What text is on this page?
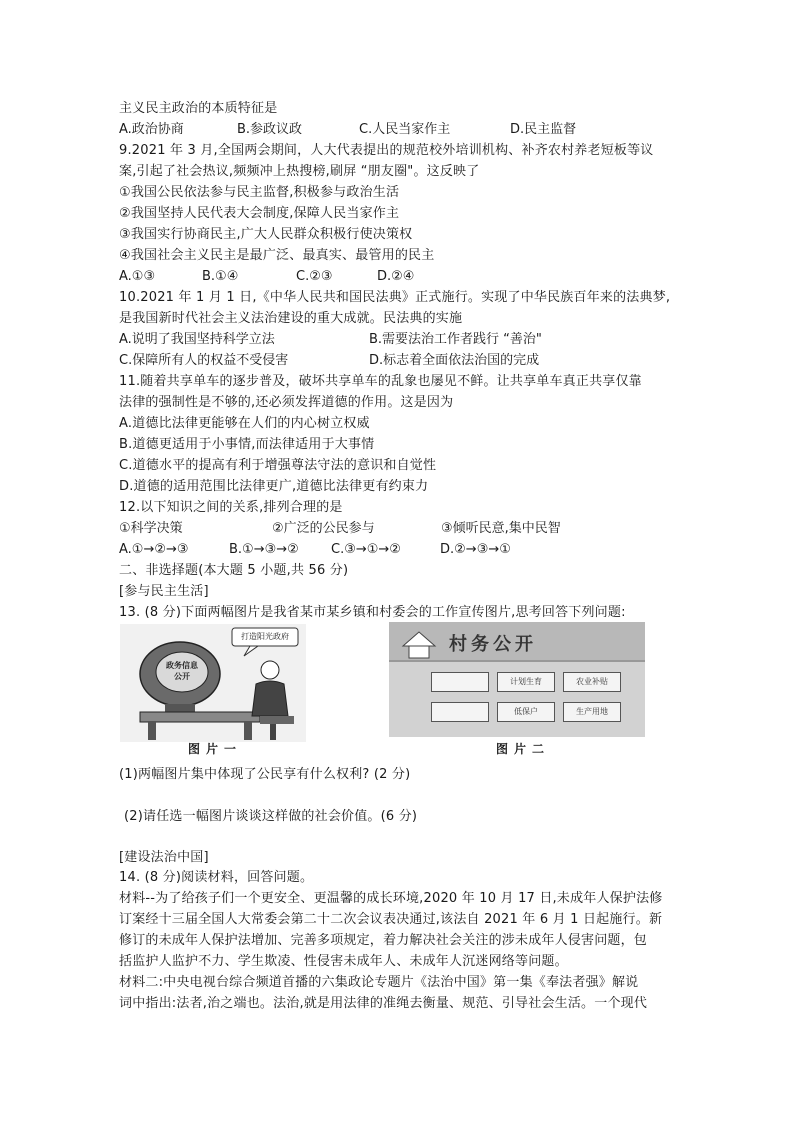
主义民主政治的本质特征是
A.政治协商	B.参政议政	C.人民当家作主	D.民主监督
9.2021 年 3 月,全国两会期间，人大代表提出的规范校外培训机构、补齐农村养老短板等议
案,引起了社会热议,频频冲上热搜榜,刷屏 “朋友圈"。这反映了
①我国公民依法参与民主监督,积极参与政治生活
②我国坚持人民代表大会制度,保障人民当家作主
③我国实行协商民主,广大人民群众积极行使决策权
④我国社会主义民主是最广泛、最真实、最管用的民主
A.①③	B.①④	C.②③	D.②④
10.2021 年 1 月 1 日,《中华人民共和国民法典》正式施行。实现了中华民族百年来的法典梦,
是我国新时代社会主义法治建设的重大成就。民法典的实施
A.说明了我国坚持科学立法	B.需要法治工作者践行 “善治"
C.保障所有人的权益不受侵害	D.标志着全面依法治国的完成
11.随着共享单车的逐步普及，破坏共享单车的乱象也屡见不鲜。让共享单车真正共享仅靠
法律的强制性是不够的,还必须发挥道德的作用。这是因为
A.道德比法律更能够在人们的内心树立权威
B.道德更适用于小事情,而法律适用于大事情
C.道德水平的提高有利于增强尊法守法的意识和自觉性
D.道德的适用范围比法律更广,道德比法律更有约束力
12.以下知识之间的关系,排列合理的是
①科学决策	②广泛的公民参与	③倾听民意,集中民智
A.①→②→③	B.①→③→② C.③→①→②	D.②→③→①
二、非选择题(本大题 5 小题,共 56 分)
[参与民主生活]
13. (8 分)下面两幅图片是我省某市某乡镇和村委会的工作宣传图片,思考回答下列问题:
打造阳光政府
政务信息公开
图片一
村务公开
计划生育	农业补贴
低保户	生产用地
图片二
(1)两幅图片集中体现了公民享有什么权利? (2 分)
(2)请任选一幅图片谈谈这样做的社会价值。(6 分)
[建设法治中国]
14. (8 分)阅读材料，回答问题。
材料--为了给孩子们一个更安全、更温馨的成长环境,2020 年 10 月 17 日,未成年人保护法修
订案经十三届全国人大常委会第二十二次会议表决通过,该法自 2021 年 6 月 1 日起施行。新
修订的未成年人保护法增加、完善多项规定，着力解决社会关注的涉未成年人侵害问题，包
括监护人监护不力、学生欺凌、性侵害未成年人、未成年人沉迷网络等问题。
材料二:中央电视台综合频道首播的六集政论专题片《法治中国》第一集《奉法者强》解说
词中指出:法者,治之端也。法治,就是用法律的准绳去衡量、规范、引导社会生活。一个现代
